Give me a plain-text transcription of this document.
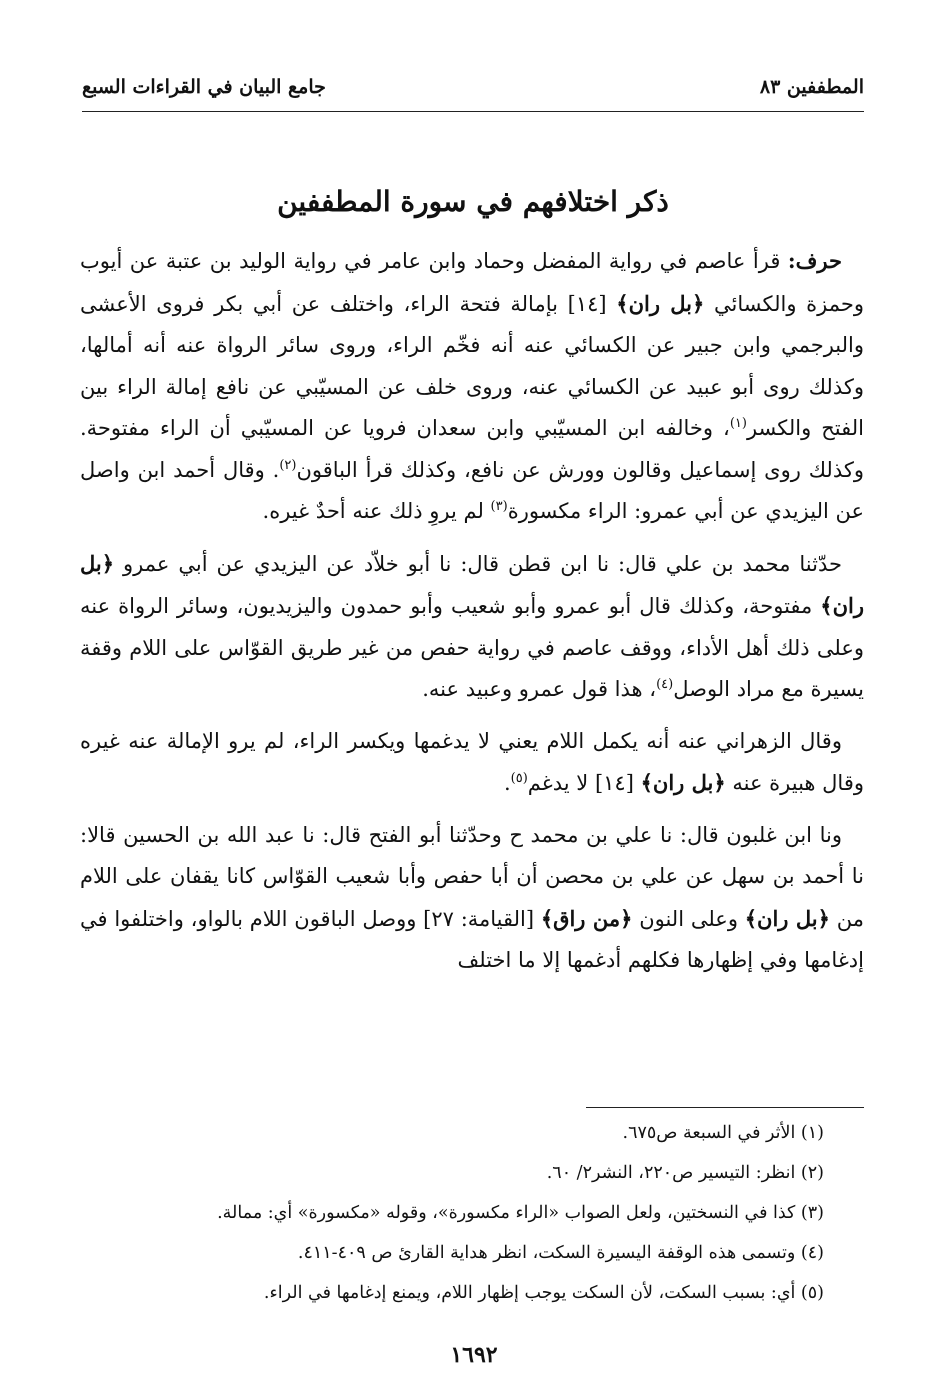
المطففين ٨٣
جامع البيان في القراءات السبع
ذكر اختلافهم في سورة المطففين

حرف: قرأ عاصم في رواية المفضل وحماد وابن عامر في رواية الوليد بن عتبة عن أيوب وحمزة والكسائي ﴿بل ران﴾ [١٤] بإمالة فتحة الراء، واختلف عن أبي بكر فروى الأعشى والبرجمي وابن جبير عن الكسائي عنه أنه فخّم الراء، وروى سائر الرواة عنه أنه أمالها، وكذلك روى أبو عبيد عن الكسائي عنه، وروى خلف عن المسيّبي عن نافع إمالة الراء بين الفتح والكسر$^{(١)}$، وخالفه ابن المسيّبي وابن سعدان فرويا عن المسيّبي أن الراء مفتوحة. وكذلك روى إسماعيل وقالون وورش عن نافع، وكذلك قرأ الباقون$^{(٢)}$. وقال أحمد ابن واصل عن اليزيدي عن أبي عمرو: الراء مكسورة$^{(٣)}$ لم يروِ ذلك عنه أحدٌ غيره.

حدّثنا محمد بن علي قال: نا ابن قطن قال: نا أبو خلاّد عن اليزيدي عن أبي عمرو ﴿بل ران﴾ مفتوحة، وكذلك قال أبو عمرو وأبو شعيب وأبو حمدون واليزيديون، وسائر الرواة عنه وعلى ذلك أهل الأداء، ووقف عاصم في رواية حفص من غير طريق القوّاس على اللام وقفة يسيرة مع مراد الوصل$^{(٤)}$، هذا قول عمرو وعبيد عنه.

وقال الزهراني عنه أنه يكمل اللام يعني لا يدغمها ويكسر الراء، لم يرو الإمالة عنه غيره وقال هبيرة عنه ﴿بل ران﴾ [١٤] لا يدغم$^{(٥)}$.

ونا ابن غلبون قال: نا علي بن محمد ح وحدّثنا أبو الفتح قال: نا عبد الله بن الحسين قالا: نا أحمد بن سهل عن علي بن محصن أن أبا حفص وأبا شعيب القوّاس كانا يقفان على اللام من ﴿بل ران﴾ وعلى النون ﴿من راق﴾ [القيامة: ٢٧] ووصل الباقون اللام بالواو، واختلفوا في إدغامها وفي إظهارها فكلهم أدغمها إلا ما اختلف

(١) الأثر في السبعة ص٦٧٥.
(٢) انظر: التيسير ص٢٢٠، النشر٢/ ٦٠.
(٣) كذا في النسختين، ولعل الصواب «الراء مكسورة»، وقوله «مكسورة» أي: ممالة.
(٤) وتسمى هذه الوقفة اليسيرة السكت، انظر هداية القارئ ص ٤٠٩-٤١١.
(٥) أي: بسبب السكت، لأن السكت يوجب إظهار اللام، ويمنع إدغامها في الراء.
١٦٩٢
